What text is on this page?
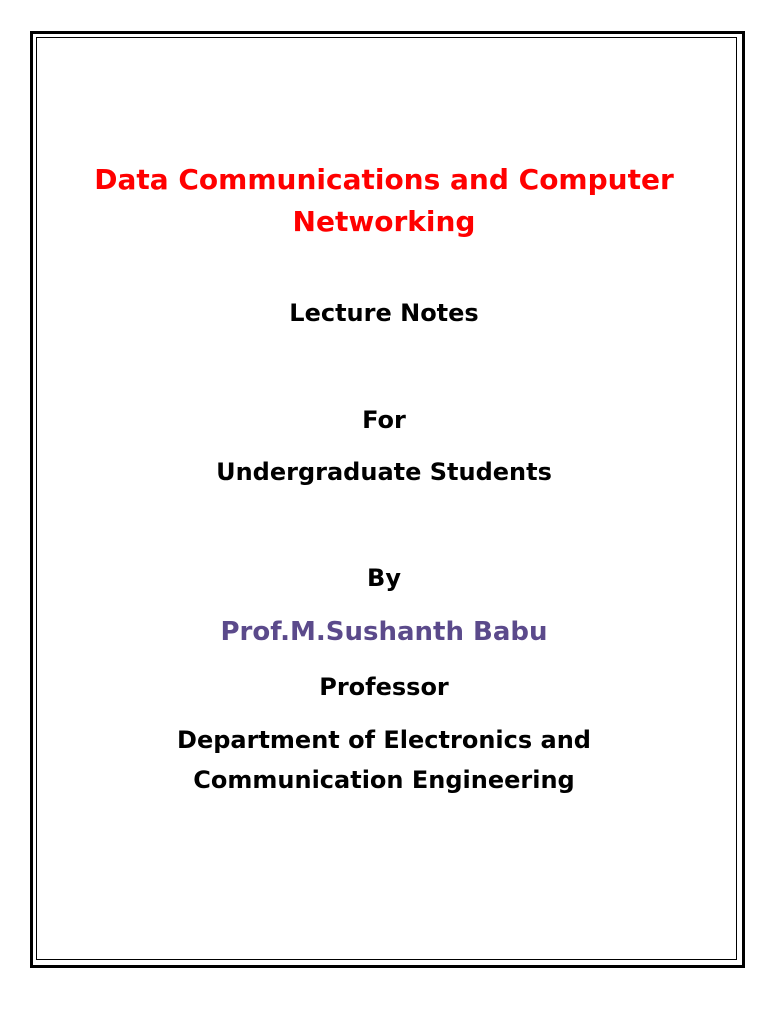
Data Communications and Computer
Networking

Lecture Notes

For

Undergraduate Students

By

Prof.M.Sushanth Babu

Professor

Department of Electronics and
Communication Engineering
